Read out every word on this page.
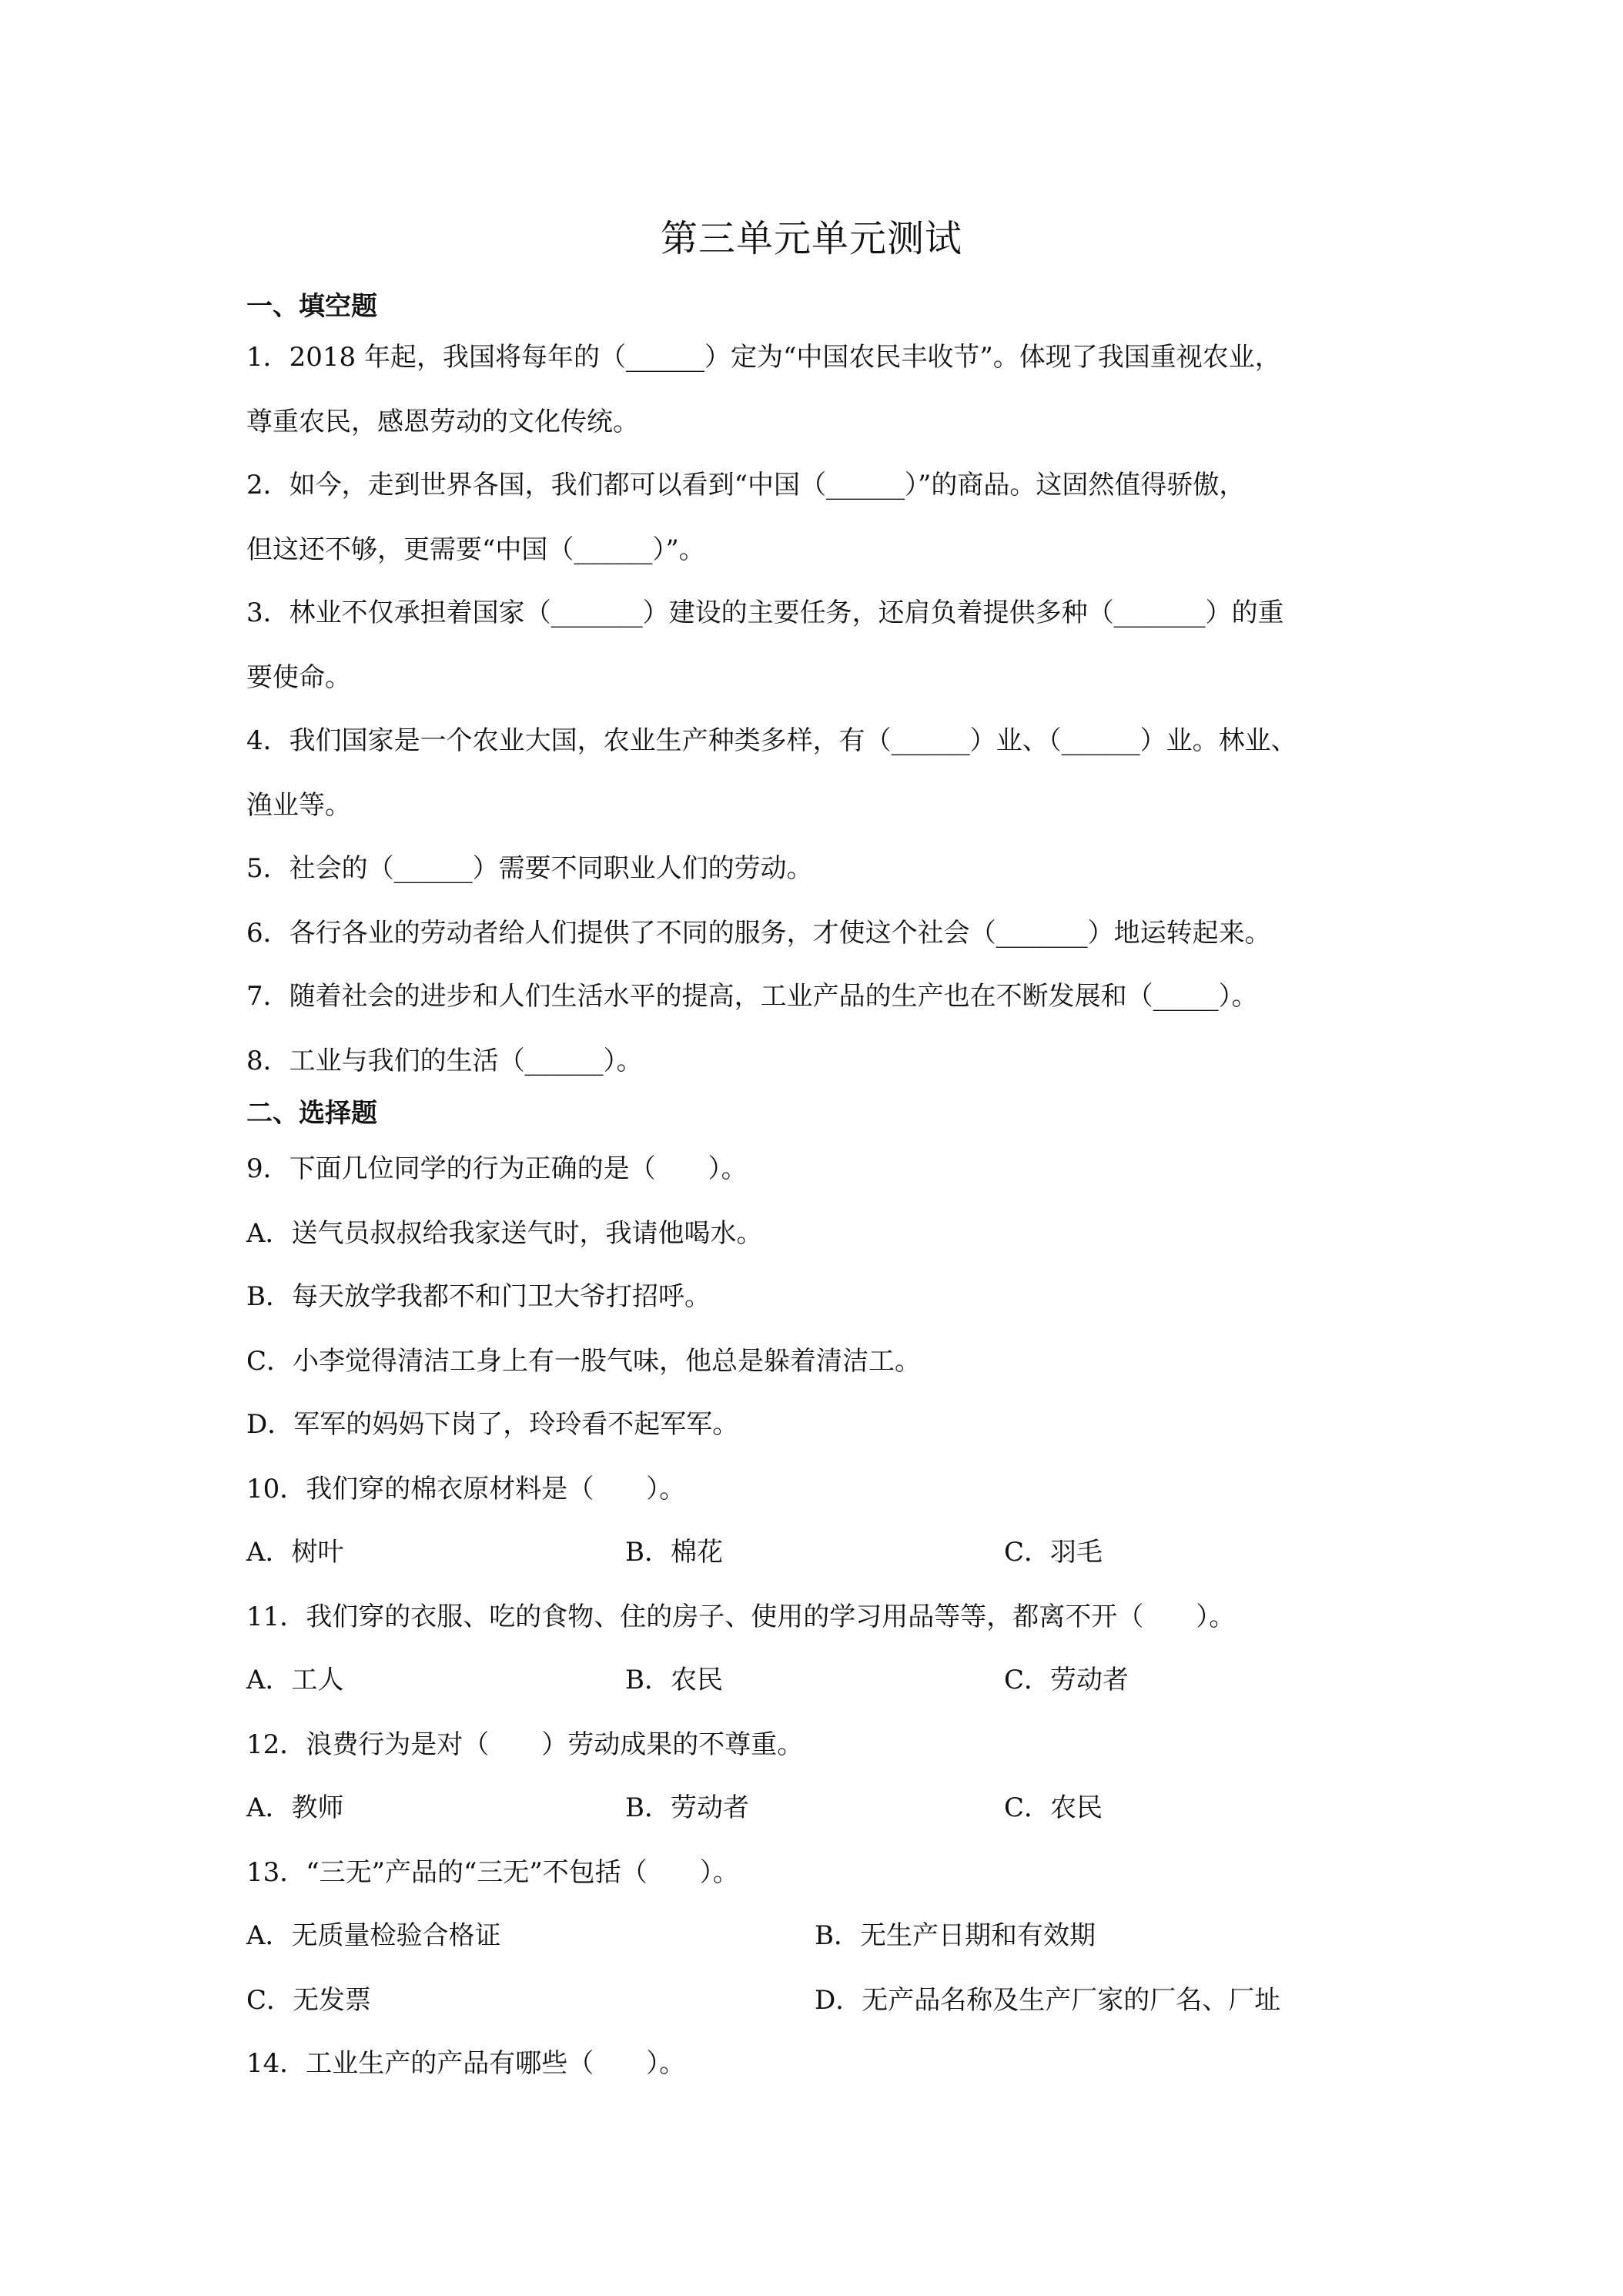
第三单元单元测试
一、填空题
1．2018 年起，我国将每年的（______）定为“中国农民丰收节”。体现了我国重视农业，
尊重农民，感恩劳动的文化传统。
2．如今，走到世界各国，我们都可以看到“中国（______）”的商品。这固然值得骄傲，
但这还不够，更需要“中国（______）”。
3．林业不仅承担着国家（_______）建设的主要任务，还肩负着提供多种（_______）的重
要使命。
4．我们国家是一个农业大国，农业生产种类多样，有（______）业、（______）业。林业、
渔业等。
5．社会的（______）需要不同职业人们的劳动。
6．各行各业的劳动者给人们提供了不同的服务，才使这个社会（_______）地运转起来。
7．随着社会的进步和人们生活水平的提高，工业产品的生产也在不断发展和（_____）。
8．工业与我们的生活（______）。
二、选择题
9．下面几位同学的行为正确的是（　　）。
A．送气员叔叔给我家送气时，我请他喝水。
B．每天放学我都不和门卫大爷打招呼。
C．小李觉得清洁工身上有一股气味，他总是躲着清洁工。
D．军军的妈妈下岗了，玲玲看不起军军。
10．我们穿的棉衣原材料是（　　）。
A．树叶	B．棉花	C．羽毛
11．我们穿的衣服、吃的食物、住的房子、使用的学习用品等等，都离不开（　　）。
A．工人	B．农民	C．劳动者
12．浪费行为是对（　　）劳动成果的不尊重。
A．教师	B．劳动者	C．农民
13．“三无”产品的“三无”不包括（　　）。
A．无质量检验合格证	B．无生产日期和有效期
C．无发票	D．无产品名称及生产厂家的厂名、厂址
14．工业生产的产品有哪些（　　）。
